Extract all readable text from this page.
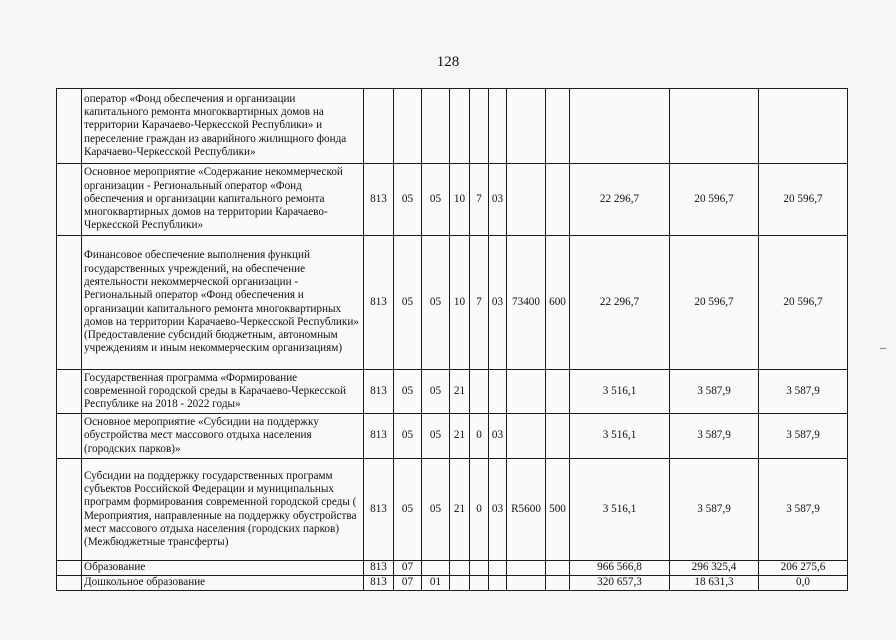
128
	оператор «Фонд обеспечения и организации капитального ремонта многоквартирных домов на территории Карачаево-Черкесской Республики» и переселение граждан из аварийного жилищного фонда Карачаево-Черкесской Республики»											
	Основное мероприятие «Содержание некоммерческой организации - Региональный оператор «Фонд обеспечения и организации капитального ремонта многоквартирных домов на территории Карачаево-Черкесской Республики»	813	05	05	10	7	03			22 296,7	20 596,7	20 596,7
	Финансовое обеспечение выполнения функций государственных учреждений, на обеспечение деятельности некоммерческой организации - Региональный оператор «Фонд обеспечения и организации капитального ремонта многоквартирных домов на территории Карачаево-Черкесской Республики» (Предоставление субсидий бюджетным, автономным учреждениям и иным некоммерческим организациям)	813	05	05	10	7	03	73400	600	22 296,7	20 596,7	20 596,7
	Государственная программа «Формирование современной городской среды в Карачаево-Черкесской Республике на 2018 - 2022 годы»	813	05	05	21					3 516,1	3 587,9	3 587,9
	Основное мероприятие «Субсидии на поддержку обустройства мест массового отдыха населения (городских парков)»	813	05	05	21	0	03			3 516,1	3 587,9	3 587,9
	Субсидии на поддержку государственных программ субъектов Российской Федерации и муниципальных программ формирования современной городской среды ( Мероприятия, направленные на поддержку обустройства мест массового отдыха населения (городских парков) (Межбюджетные трансферты)	813	05	05	21	0	03	R5600	500	3 516,1	3 587,9	3 587,9
	Образование	813	07							966 566,8	296 325,4	206 275,6
	Дошкольное образование	813	07	01						320 657,3	18 631,3	0,0
